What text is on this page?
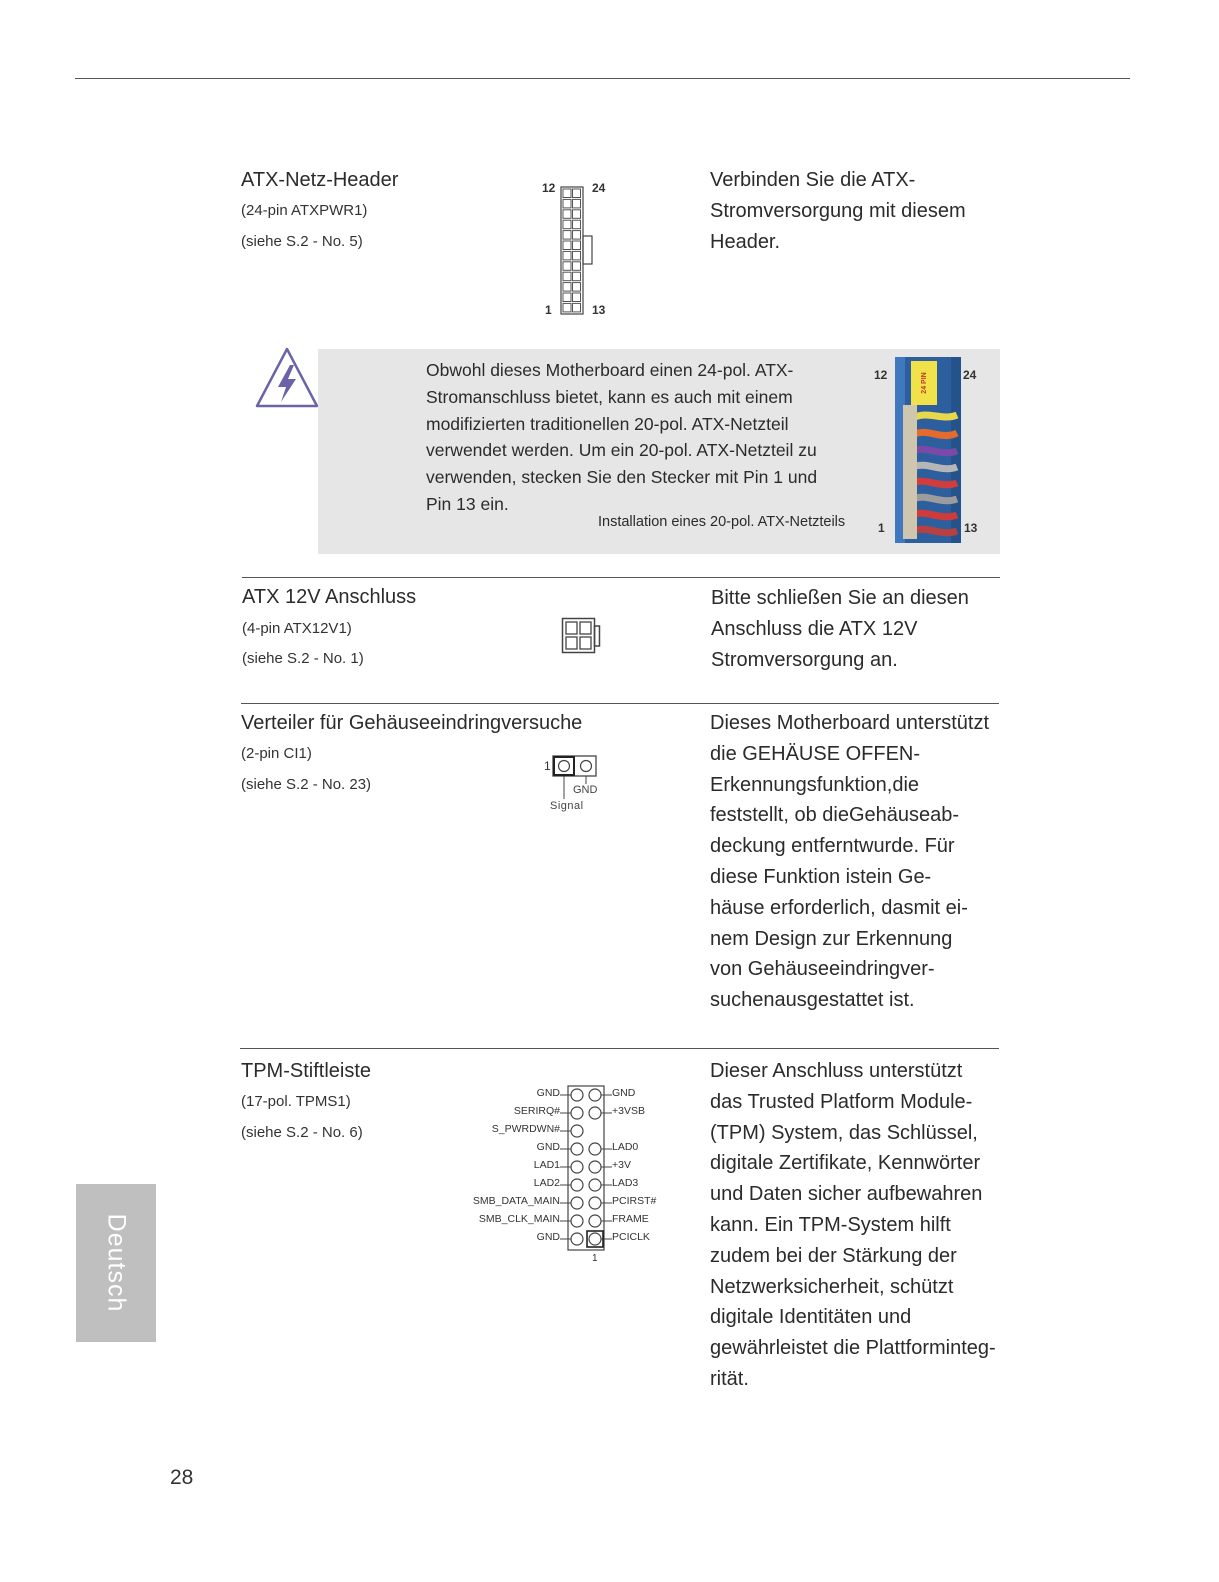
ATX-Netz-Header
(24-pin ATXPWR1)
(siehe S.2 - No. 5)
12	24
1	13
Verbinden Sie die ATX-
Stromversorgung mit diesem
Header.
Obwohl dieses Motherboard einen 24-pol. ATX-
Stromanschluss bietet, kann es auch mit einem
modifizierten traditionellen 20-pol. ATX-Netzteil
verwendet werden. Um ein 20-pol. ATX-Netzteil zu
verwenden, stecken Sie den Stecker mit Pin 1 und
Pin 13 ein.
Installation eines 20-pol. ATX-Netzteils
12	24
1	13
24 PIN
ATX 12V Anschluss
(4-pin ATX12V1)
(siehe S.2 - No. 1)
Bitte schließen Sie an diesen
Anschluss die ATX 12V
Stromversorgung an.
Verteiler für Gehäuseeindringversuche
(2-pin CI1)
(siehe S.2 - No. 23)
1
GND
Signal
Dieses Motherboard unterstützt
die GEHÄUSE OFFEN-
Erkennungsfunktion,die
feststellt, ob dieGehäuseab-
deckung entferntwurde. Für
diese Funktion istein Ge-
häuse erforderlich, dasmit ei-
nem Design zur Erkennung
von Gehäuseeindringver-
suchenausgestattet ist.
TPM-Stiftleiste
(17-pol. TPMS1)
(siehe S.2 - No. 6)
GND
SERIRQ#
S_PWRDWN#
GND
LAD1
LAD2
SMB_DATA_MAIN
SMB_CLK_MAIN
GND
GND
+3VSB
LAD0
+3V
LAD3
PCIRST#
FRAME
PCICLK
1
Dieser Anschluss unterstützt
das Trusted Platform Module-
(TPM) System, das Schlüssel,
digitale Zertifikate, Kennwörter
und Daten sicher aufbewahren
kann. Ein TPM-System hilft
zudem bei der Stärkung der
Netzwerksicherheit, schützt
digitale Identitäten und
gewährleistet die Plattforminteg-
rität.
Deutsch
28
